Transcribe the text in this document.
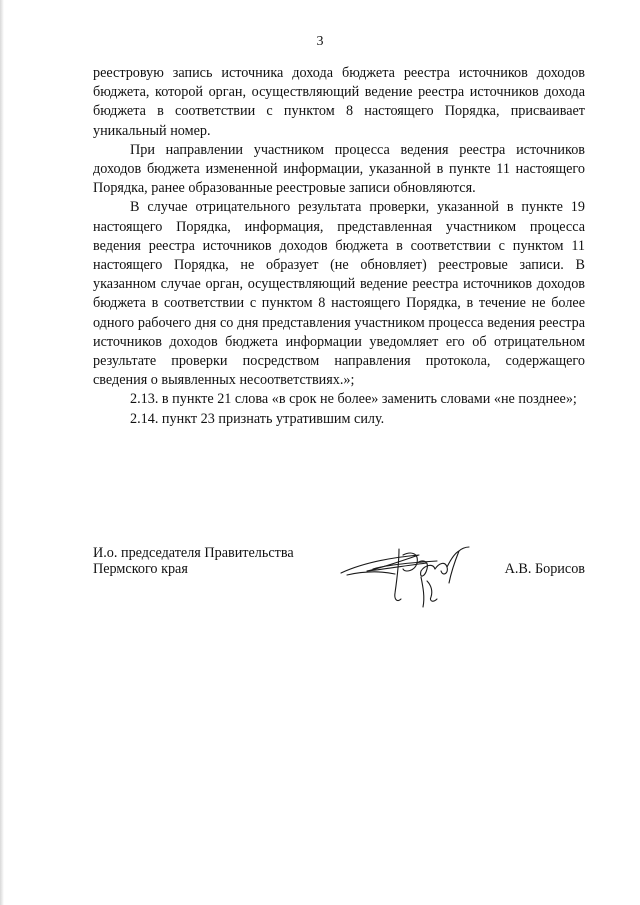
3

реестровую запись источника дохода бюджета реестра источников доходов бюджета, которой орган, осуществляющий ведение реестра источников дохода бюджета в соответствии с пунктом 8 настоящего Порядка, присваивает уникальный номер.

При направлении участником процесса ведения реестра источников доходов бюджета измененной информации, указанной в пункте 11 настоящего Порядка, ранее образованные реестровые записи обновляются.

В случае отрицательного результата проверки, указанной в пункте 19 настоящего Порядка, информация, представленная участником процесса ведения реестра источников доходов бюджета в соответствии с пунктом 11 настоящего Порядка, не образует (не обновляет) реестровые записи. В указанном случае орган, осуществляющий ведение реестра источников доходов бюджета в соответствии с пунктом 8 настоящего Порядка, в течение не более одного рабочего дня со дня представления участником процесса ведения реестра источников доходов бюджета информации уведомляет его об отрицательном результате проверки посредством направления протокола, содержащего сведения о выявленных несоответствиях.»;

2.13. в пункте 21 слова «в срок не более» заменить словами «не позднее»;

2.14. пункт 23 признать утратившим силу.

И.о. председателя Правительства
Пермского края	А.В. Борисов
